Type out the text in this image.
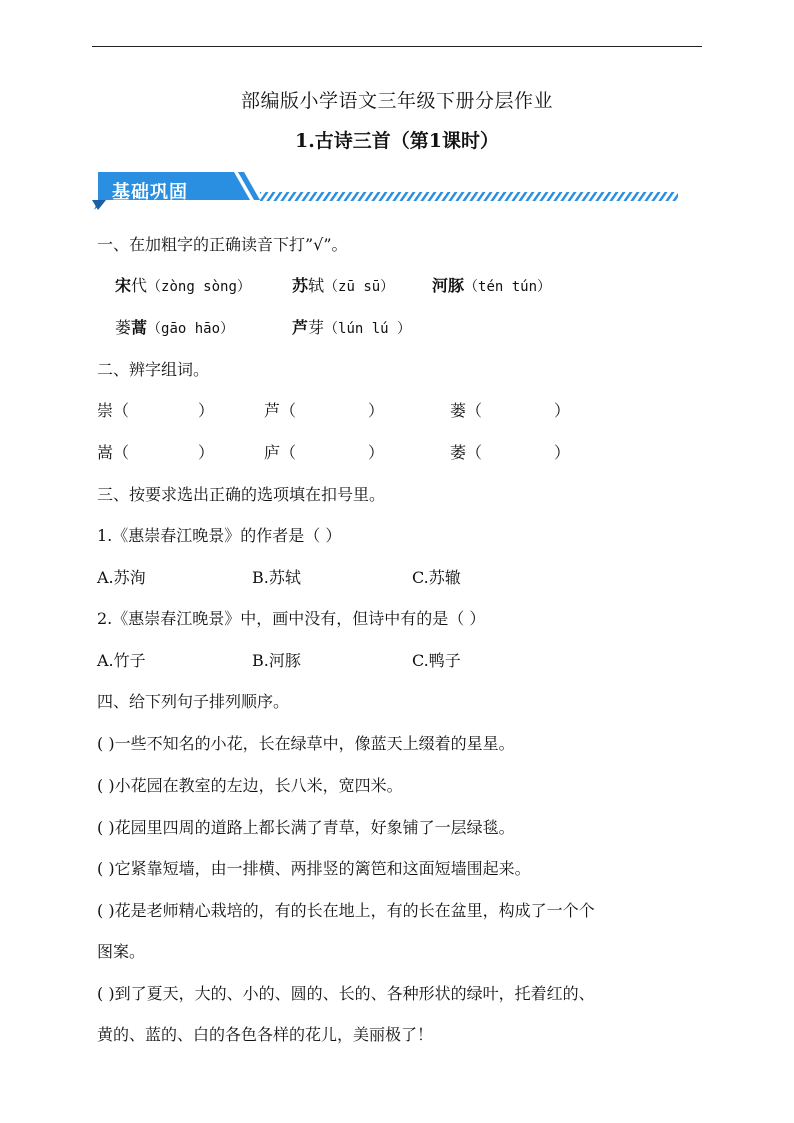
部编版小学语文三年级下册分层作业
1.古诗三首（第1课时）
基础巩固
一、在加粗字的正确读音下打”√”。
宋代（zòng sòng）	苏轼（zū sū） 河豚（tén tún）
蒌蒿（gāo hāo）	芦芽（lún lú ）
二、辨字组词。
崇（	）	芦（	）	蒌（	）
嵩（	）	庐（	）	萎（	）
三、按要求选出正确的选项填在扣号里。
1.《惠崇春江晚景》的作者是（ ）
A.苏洵	B.苏轼	C.苏辙
2.《惠崇春江晚景》中，画中没有，但诗中有的是（ ）
A.竹子	B.河豚	C.鸭子
四、给下列句子排列顺序。
( )一些不知名的小花，长在绿草中，像蓝天上缀着的星星。
( )小花园在教室的左边，长八米，宽四米。
( )花园里四周的道路上都长满了青草，好象铺了一层绿毯。
( )它紧靠短墙，由一排横、两排竖的篱笆和这面短墙围起来。
( )花是老师精心栽培的，有的长在地上，有的长在盆里，构成了一个个
图案。
( )到了夏天，大的、小的、圆的、长的、各种形状的绿叶，托着红的、
黄的、蓝的、白的各色各样的花儿，美丽极了！
